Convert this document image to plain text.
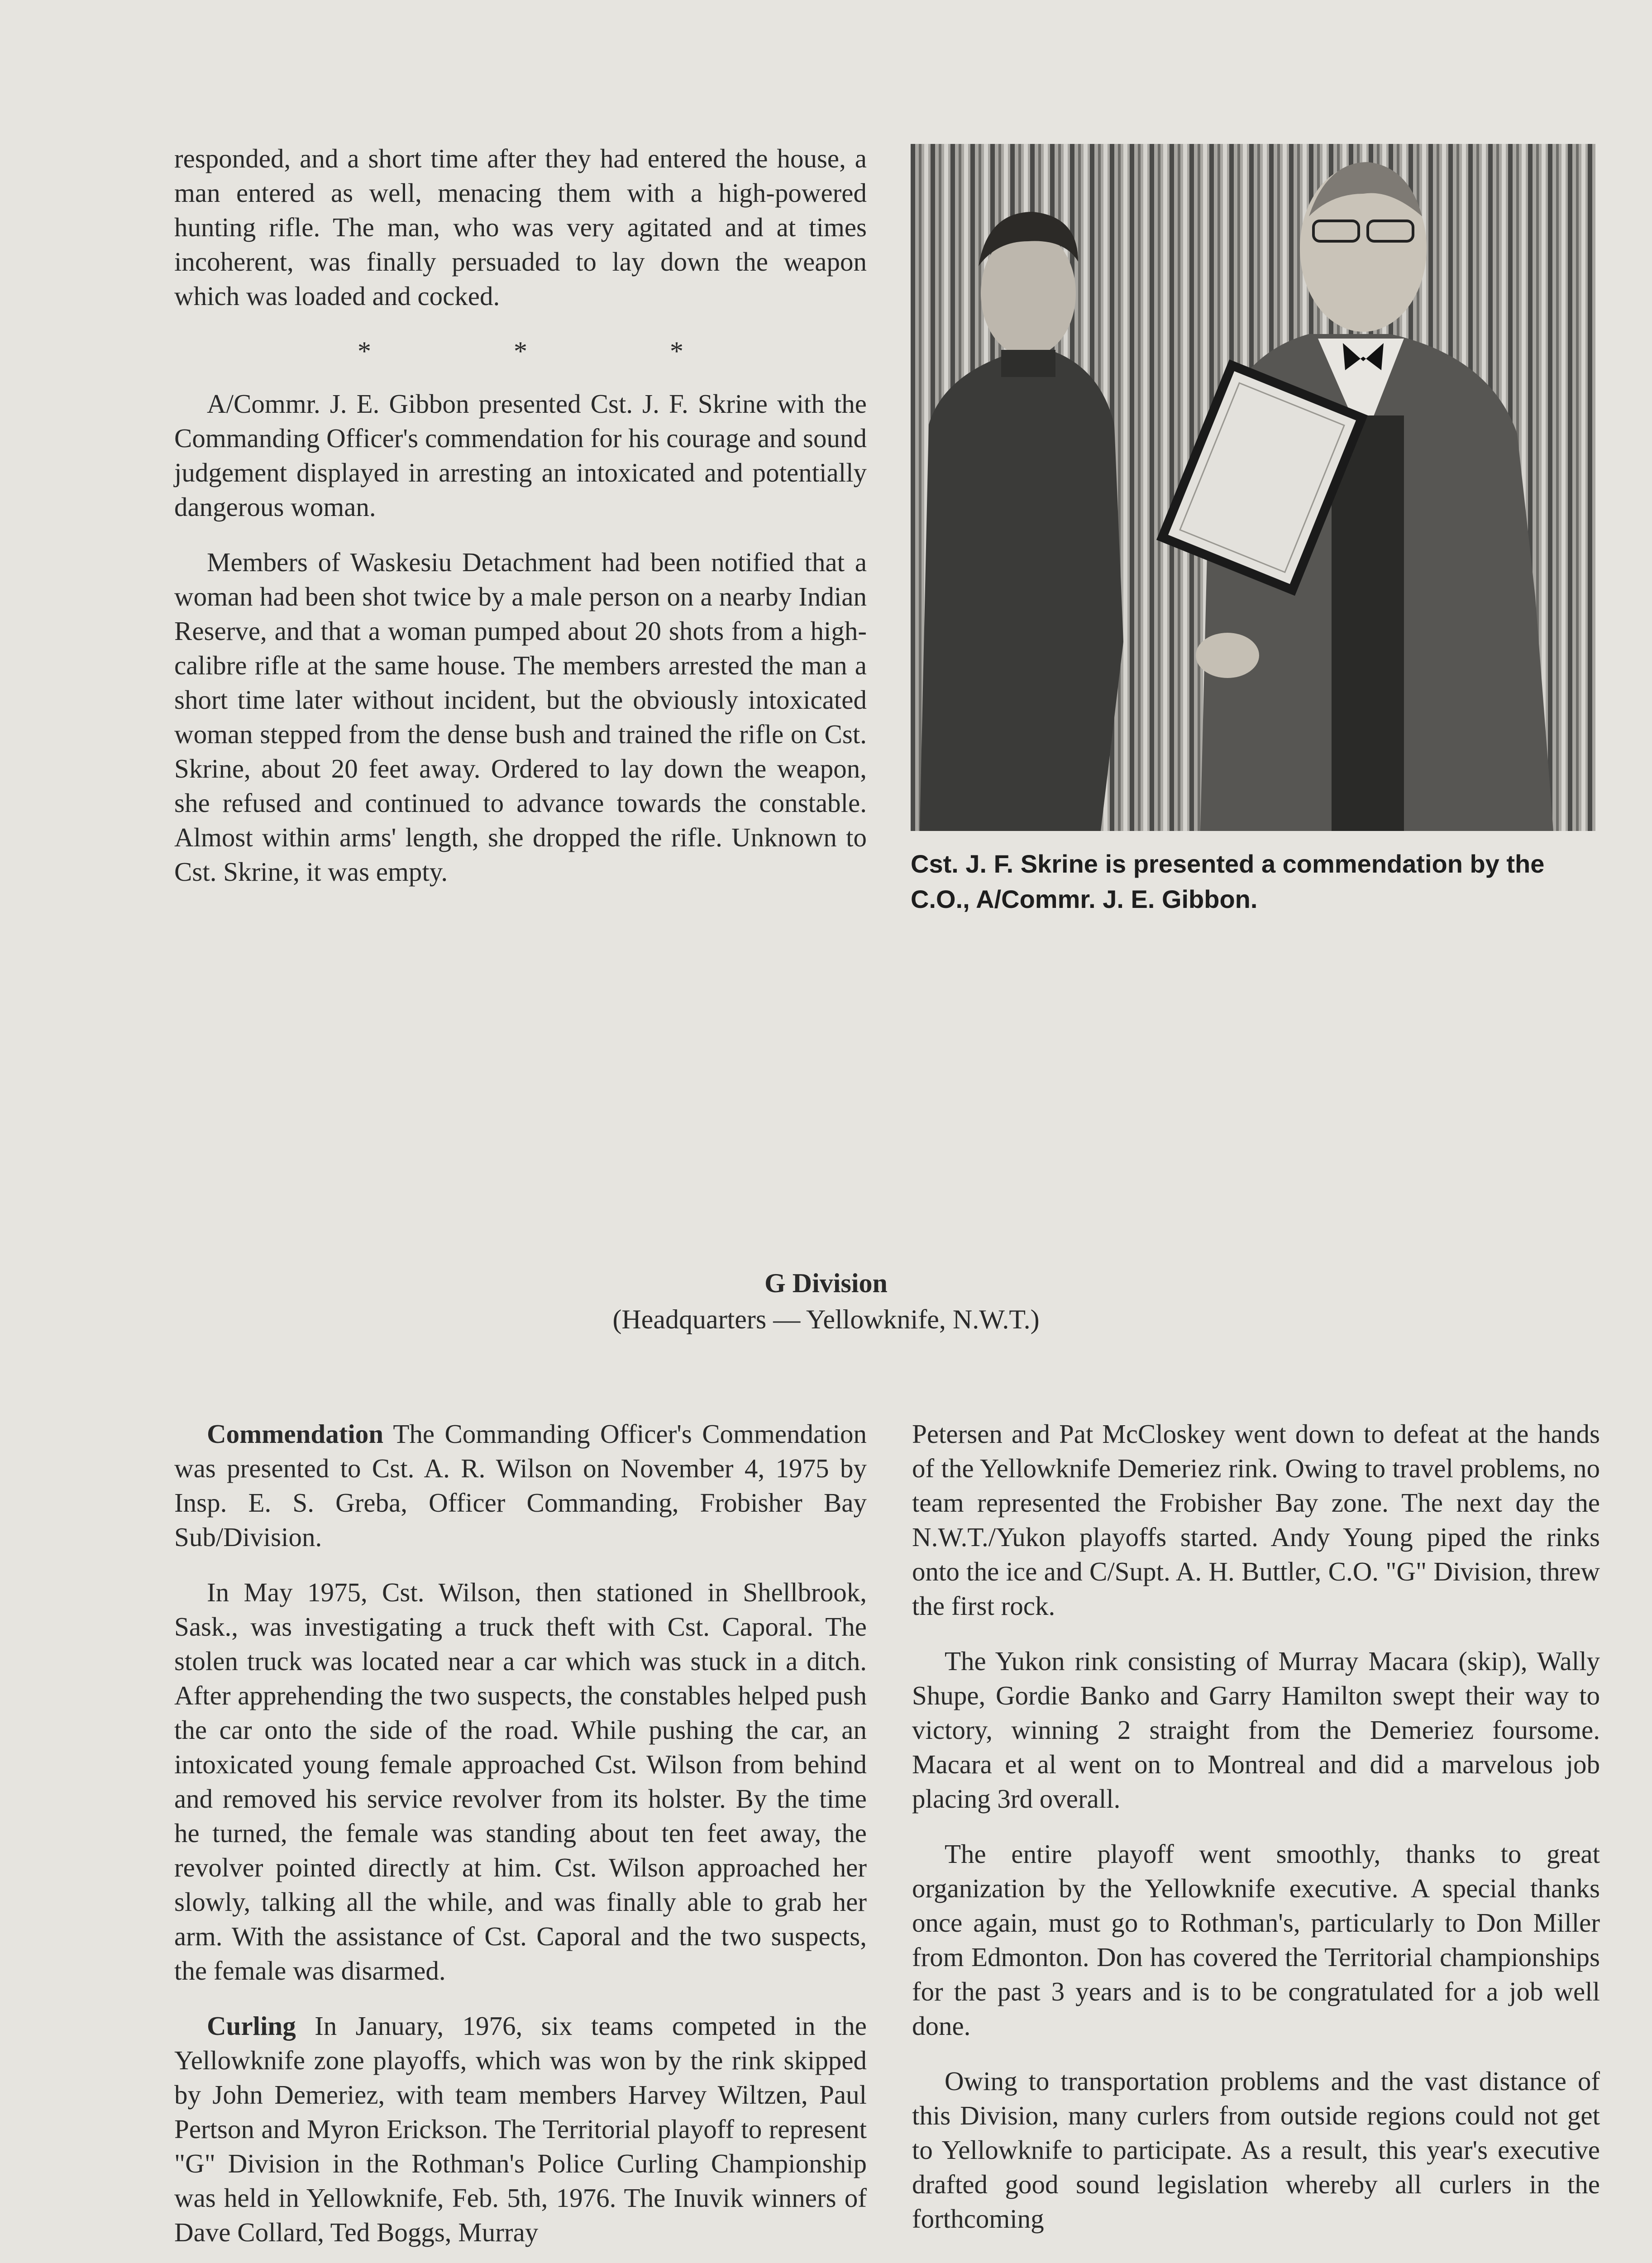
responded, and a short time after they had entered the house, a man entered as well, menacing them with a high-powered hunting rifle. The man, who was very agitated and at times incoherent, was finally persuaded to lay down the weapon which was loaded and cocked.

* * *

A/Commr. J. E. Gibbon presented Cst. J. F. Skrine with the Commanding Officer's commendation for his courage and sound judgement displayed in arresting an intoxicated and potentially dangerous woman.

Members of Waskesiu Detachment had been notified that a woman had been shot twice by a male person on a nearby Indian Reserve, and that a woman pumped about 20 shots from a high-calibre rifle at the same house. The members arrested the man a short time later without incident, but the obviously intoxicated woman stepped from the dense bush and trained the rifle on Cst. Skrine, about 20 feet away. Ordered to lay down the weapon, she refused and continued to advance towards the constable. Almost within arms' length, she dropped the rifle. Unknown to Cst. Skrine, it was empty.	Cst. J. F. Skrine is presented a commendation by the C.O., A/Commr. J. E. Gibbon.
G Division
(Headquarters — Yellowknife, N.W.T.)

Commendation The Commanding Officer's Commendation was presented to Cst. A. R. Wilson on November 4, 1975 by Insp. E. S. Greba, Officer Commanding, Frobisher Bay Sub/Division.

In May 1975, Cst. Wilson, then stationed in Shellbrook, Sask., was investigating a truck theft with Cst. Caporal. The stolen truck was located near a car which was stuck in a ditch. After apprehending the two suspects, the constables helped push the car onto the side of the road. While pushing the car, an intoxicated young female approached Cst. Wilson from behind and removed his service revolver from its holster. By the time he turned, the female was standing about ten feet away, the revolver pointed directly at him. Cst. Wilson approached her slowly, talking all the while, and was finally able to grab her arm. With the assistance of Cst. Caporal and the two suspects, the female was disarmed.

Curling In January, 1976, six teams competed in the Yellowknife zone playoffs, which was won by the rink skipped by John Demeriez, with team members Harvey Wiltzen, Paul Pertson and Myron Erickson. The Territorial playoff to represent "G" Division in the Rothman's Police Curling Championship was held in Yellowknife, Feb. 5th, 1976. The Inuvik winners of Dave Collard, Ted Boggs, Murray

Petersen and Pat McCloskey went down to defeat at the hands of the Yellowknife Demeriez rink. Owing to travel problems, no team represented the Frobisher Bay zone. The next day the N.W.T./Yukon playoffs started. Andy Young piped the rinks onto the ice and C/Supt. A. H. Buttler, C.O. "G" Division, threw the first rock.

The Yukon rink consisting of Murray Macara (skip), Wally Shupe, Gordie Banko and Garry Hamilton swept their way to victory, winning 2 straight from the Demeriez foursome. Macara et al went on to Montreal and did a marvelous job placing 3rd overall.

The entire playoff went smoothly, thanks to great organization by the Yellowknife executive. A special thanks once again, must go to Rothman's, particularly to Don Miller from Edmonton. Don has covered the Territorial championships for the past 3 years and is to be congratulated for a job well done.

Owing to transportation problems and the vast distance of this Division, many curlers from outside regions could not get to Yellowknife to participate. As a result, this year's executive drafted good sound legislation whereby all curlers in the forthcoming
